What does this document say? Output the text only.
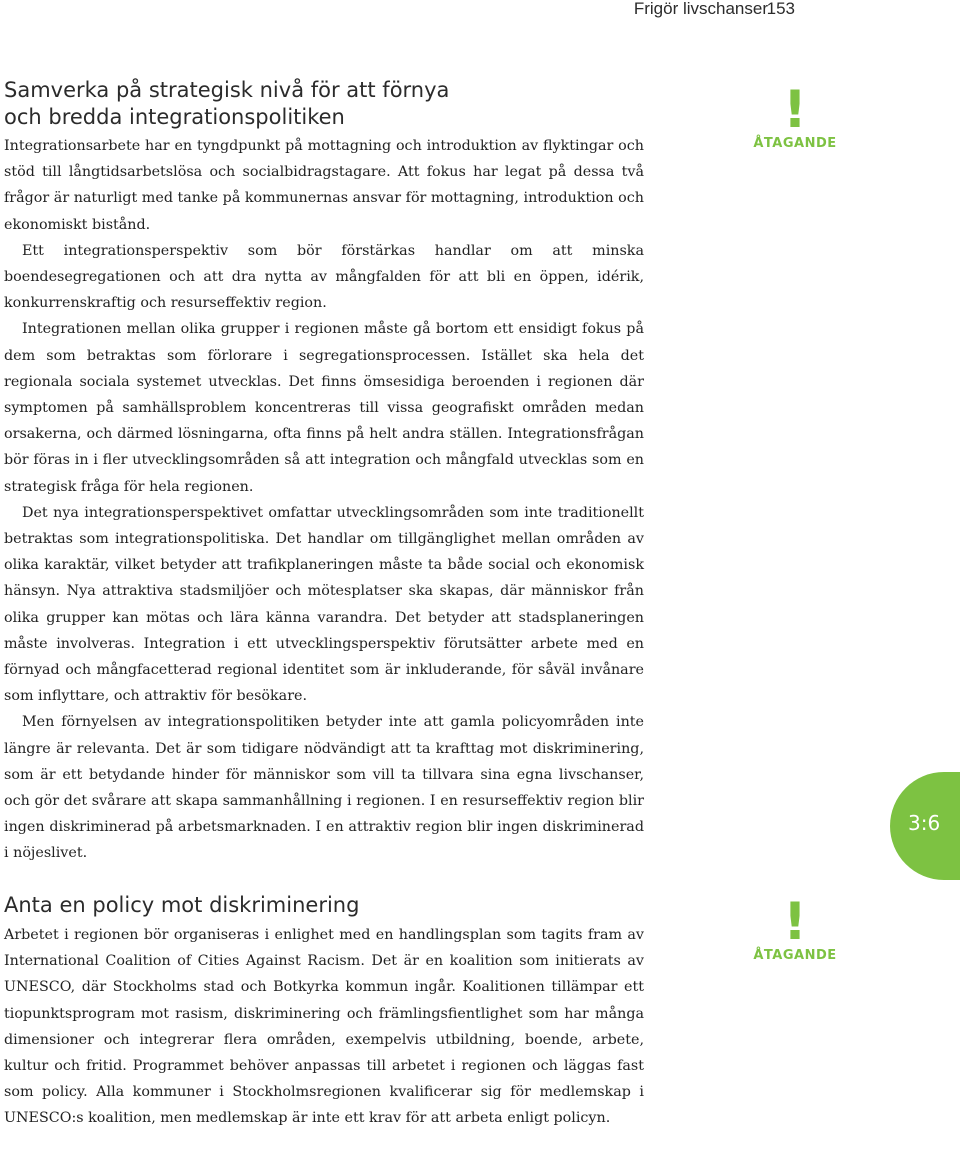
Frigör livschanser
153
Samverka på strategisk nivå för att förnya
och bredda integrationspolitiken

Integrationsarbete har en tyngdpunkt på mottagning och introduktion av flyktingar och stöd till långtidsarbetslösa och socialbidragstagare. Att fokus har legat på dessa två frågor är naturligt med tanke på kommunernas ansvar för mottagning, introduktion och ekonomiskt bistånd.

Ett integrationsperspektiv som bör förstärkas handlar om att minska boendesegregationen och att dra nytta av mångfalden för att bli en öppen, idérik, konkurrenskraftig och resurseffektiv region.

Integrationen mellan olika grupper i regionen måste gå bortom ett ensidigt fokus på dem som betraktas som förlorare i segregationsprocessen. Istället ska hela det regionala sociala systemet utvecklas. Det finns ömsesidiga beroenden i regionen där symptomen på samhällsproblem koncentreras till vissa geografiskt områden medan orsakerna, och därmed lösningarna, ofta finns på helt andra ställen. Integrationsfrågan bör föras in i fler utvecklingsområden så att integration och mångfald utvecklas som en strategisk fråga för hela regionen.

Det nya integrationsperspektivet omfattar utvecklingsområden som inte traditionellt betraktas som integrationspolitiska. Det handlar om tillgänglighet mellan områden av olika karaktär, vilket betyder att trafikplaneringen måste ta både social och ekonomisk hänsyn. Nya attraktiva stadsmiljöer och mötesplatser ska skapas, där människor från olika grupper kan mötas och lära känna varandra. Det betyder att stadsplaneringen måste involveras. Integration i ett utvecklingsperspektiv förutsätter arbete med en förnyad och mångfacetterad regional identitet som är inkluderande, för såväl invånare som inflyttare, och attraktiv för besökare.

Men förnyelsen av integrationspolitiken betyder inte att gamla policyområden inte längre är relevanta. Det är som tidigare nödvändigt att ta krafttag mot diskriminering, som är ett betydande hinder för människor som vill ta tillvara sina egna livschanser, och gör det svårare att skapa sammanhållning i regionen. I en resurseffektiv region blir ingen diskriminerad på arbetsmarknaden. I en attraktiv region blir ingen diskriminerad i nöjeslivet.

Anta en policy mot diskriminering

Arbetet i regionen bör organiseras i enlighet med en handlingsplan som tagits fram av International Coalition of Cities Against Racism. Det är en koalition som initierats av UNESCO, där Stockholms stad och Botkyrka kommun ingår. Koalitionen tillämpar ett tiopunktsprogram mot rasism, diskriminering och främlingsfientlighet som har många dimensioner och integrerar flera områden, exempelvis utbildning, boende, arbete, kultur och fritid. Programmet behöver anpassas till arbetet i regionen och läggas fast som policy. Alla kommuner i Stockholmsregionen kvalificerar sig för medlemskap i UNESCO:s koalition, men medlemskap är inte ett krav för att arbeta enligt policyn.

!
ÅTAGANDE
!
ÅTAGANDE
3:6
